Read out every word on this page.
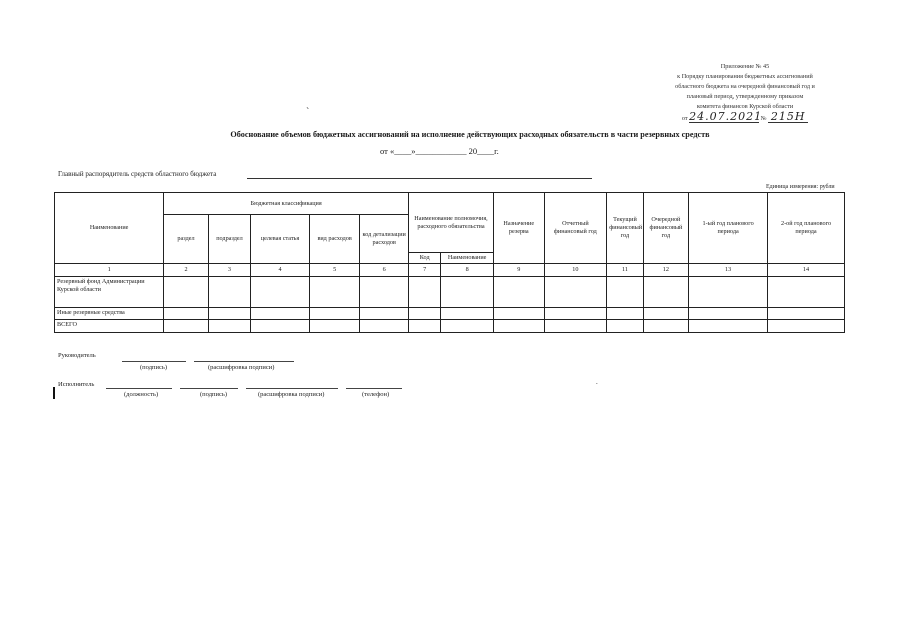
Приложение № 45
к Порядку планирования бюджетных ассигнований
областного бюджета на очередной финансовый год и
плановый период, утвержденному приказом
комитета финансов Курской области
от 24.07.2021 № 215Н
`
Обоснование объемов бюджетных ассигнований на исполнение действующих расходных обязательств в части резервных средств
от «____»____________ 20____г.
Главный распорядитель средств областного бюджета
Единица измерения: рубли
Наименование	Бюджетная классификация					Наименование полномочия, расходного обязательства		Назначение резерва	Отчетный финансовый год	Текущий финансовый год	Очередной финансовый год	1-ый год планового периода	2-ой год планового периода
	раздел	подраздел	целевая статья	вид расходов	код детализации расходов								
						Код	Наименование						
1	2	3	4	5	6	7	8	9	10	11	12	13	14
Резервный фонд Администрации Курской области													
Иные резервные средства													
ВСЕГО													
Руководитель
(подпись)	(расшифровка подписи)
Исполнитель
(должность)	(подпись)	(расшифровка подписи)	(телефон)
.
